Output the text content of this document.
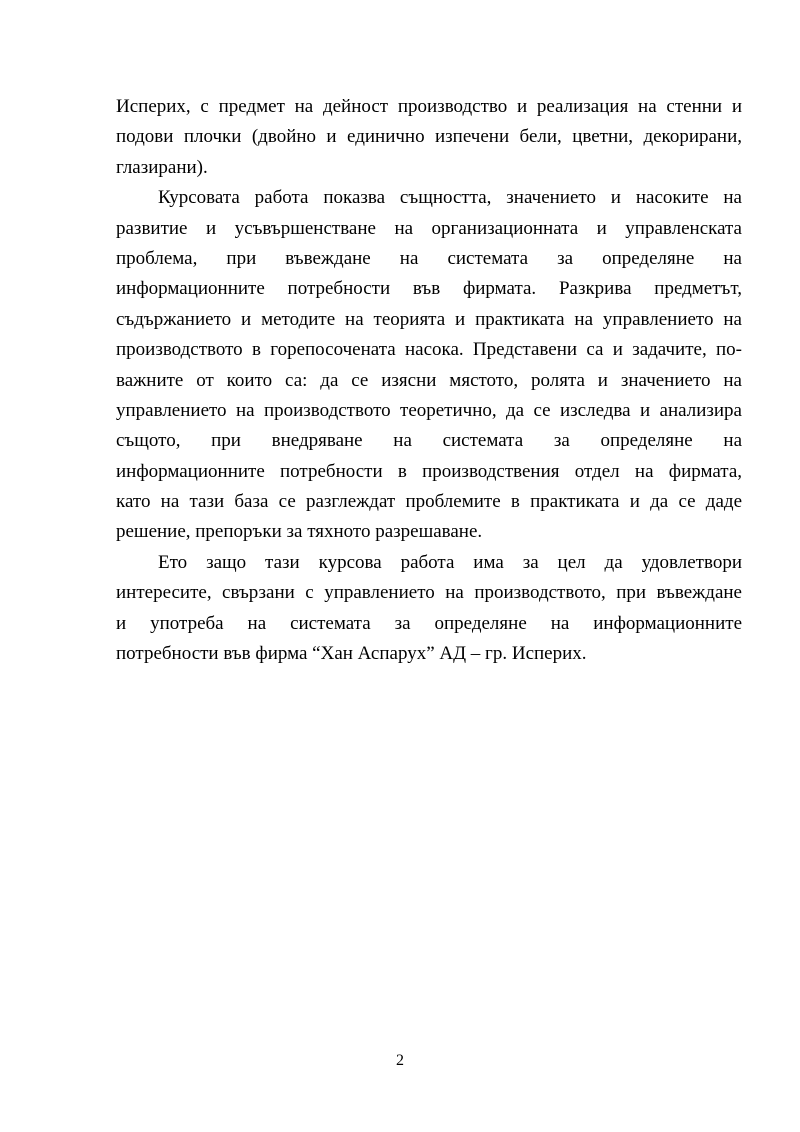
Исперих, с предмет на дейност производство и реализация на стенни и
подови плочки (двойно и единично изпечени бели, цветни, декорирани,
глазирани).
Курсовата работа показва същността, значението и насоките на
развитие и усъвършенстване на организационната и управленската
проблема, при въвеждане на системата за определяне на
информационните потребности във фирмата. Разкрива предметът,
съдържанието и методите на теорията и практиката на управлението на
производството в горепосочената насока. Представени са и задачите, по-
важните от които са: да се изясни мястото, ролята и значението на
управлението на производството теоретично, да се изследва и анализира
същото, при внедряване на системата за определяне на
информационните потребности в производствения отдел на фирмата,
като на тази база се разглеждат проблемите в практиката и да се даде
решение, препоръки за тяхното разрешаване.
Ето защо тази курсова работа има за цел да удовлетвори
интересите, свързани с управлението на производството, при въвеждане
и употреба на системата за определяне на информационните
потребности във фирма “Хан Аспарух” АД – гр. Исперих.
2
